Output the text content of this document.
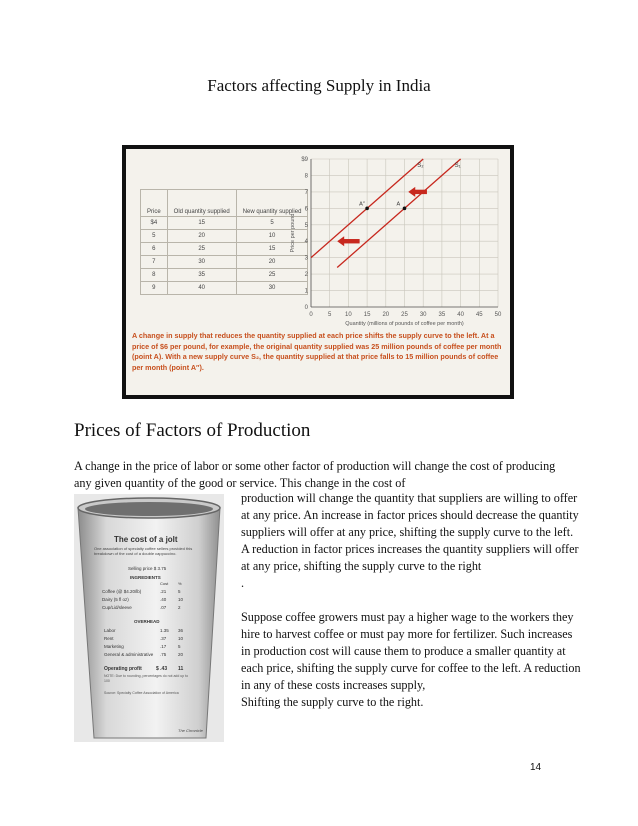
Factors affecting Supply in India
Price	Old quantity supplied	New quantity supplied
$4	15	5
5	20	10
6	25	15
7	30	20
8	35	25
9	40	30
0	5 10 15 20 25 30 35 40 45 50
0
1
2
3
4
5
6
7
8
$9
Quantity (millions of pounds of coffee per month)
Price per pound
S₁
S₂
A
A″
A change in supply that reduces the quantity supplied at each price shifts the supply curve to the left. At a price of $6 per pound, for example, the original quantity supplied was 25 million pounds of coffee per month (point A). With a new supply curve S₂, the quantity supplied at that price falls to 15 million pounds of coffee per month (point A″).
Prices of Factors of Production
A change in the price of labor or some other factor of production will change the cost of producing any given quantity of the good or service. This change in the cost of
The cost of a jolt
One association of specialty coffee sellers provided this breakdown of the cost of a double cappuccino.
Selling price $ 3.75
INGREDIENTS
Cost %
Coffee (@ $4.20/lb)	.21	5
Dairy (5 fl oz)	.40	10
Cup/Lid/sleeve	.07	2
OVERHEAD
Labor	1.35 36
Rent	.37	10
Marketing	.17	5
General & administrative .75	20
Operating profit	$ .43 11
NOTE: Due to rounding, percentages do not add up to 100
Source: Specialty Coffee Association of America
The Chronicle

production will change the quantity that suppliers are willing to offer at any price. An increase in factor prices should decrease the quantity suppliers will offer at any price, shifting the supply curve to the left. A reduction in factor prices increases the quantity suppliers will offer at any price, shifting the supply curve to the right

.

Suppose coffee growers must pay a higher wage to the workers they hire to harvest coffee or must pay more for fertilizer. Such increases in production cost will cause them to produce a smaller quantity at each price, shifting the supply curve for coffee to the left. A reduction in any of these costs increases supply,

Shifting the supply curve to the right.

14
